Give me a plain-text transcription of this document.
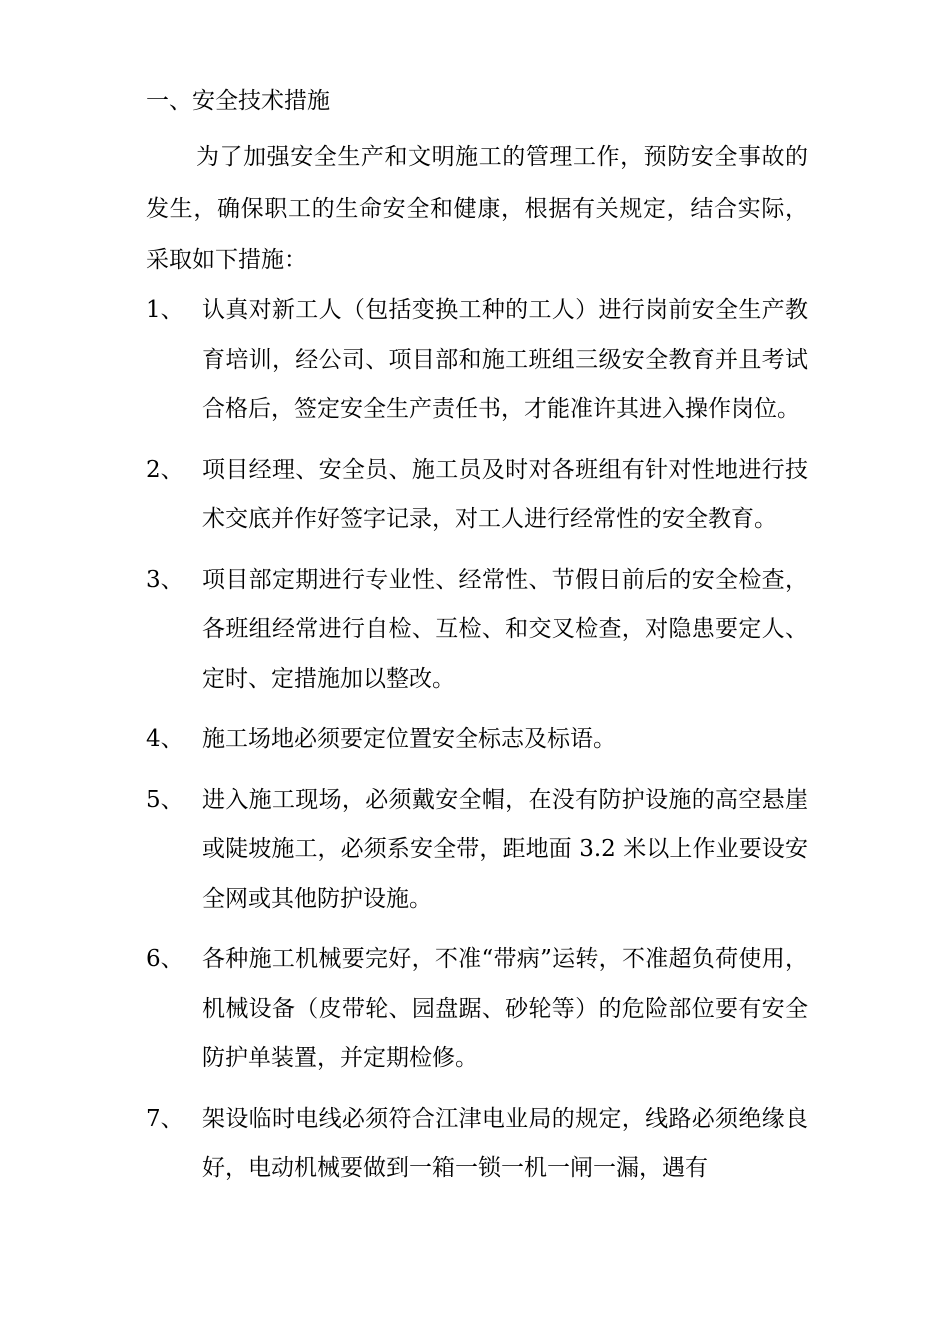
一、安全技术措施

为了加强安全生产和文明施工的管理工作，预防安全事故的发生，确保职工的生命安全和健康，根据有关规定，结合实际，采取如下措施：

1、 认真对新工人（包括变换工种的工人）进行岗前安全生产教育培训，经公司、项目部和施工班组三级安全教育并且考试合格后，签定安全生产责任书，才能准许其进入操作岗位。
2、 项目经理、安全员、施工员及时对各班组有针对性地进行技术交底并作好签字记录，对工人进行经常性的安全教育。
3、 项目部定期进行专业性、经常性、节假日前后的安全检查，各班组经常进行自检、互检、和交叉检查，对隐患要定人、定时、定措施加以整改。
4、 施工场地必须要定位置安全标志及标语。
5、 进入施工现场，必须戴安全帽，在没有防护设施的高空悬崖或陡坡施工，必须系安全带，距地面 3.2 米以上作业要设安全网或其他防护设施。
6、 各种施工机械要完好，不准“带病”运转，不准超负荷使用，机械设备（皮带轮、园盘踞、砂轮等）的危险部位要有安全防护单装置，并定期检修。
7、 架设临时电线必须符合江津电业局的规定，线路必须绝缘良好，电动机械要做到一箱一锁一机一闸一漏，遇有
